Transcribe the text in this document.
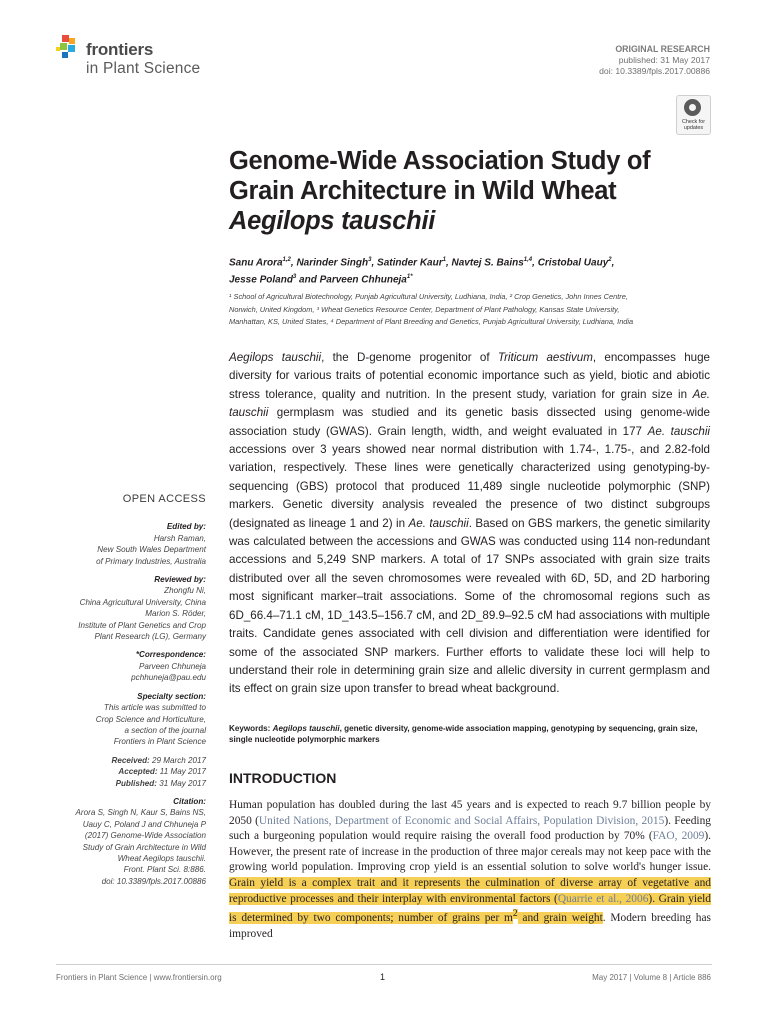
frontiers
in Plant Science
ORIGINAL RESEARCH
published: 31 May 2017
doi: 10.3389/fpls.2017.00886
Check for
updates
Genome-Wide Association Study of
Grain Architecture in Wild Wheat
Aegilops tauschii
Sanu Arora$^{1,2}$, Narinder Singh$^3$, Satinder Kaur$^1$, Navtej S. Bains$^{1,4}$, Cristobal Uauy$^2$,
Jesse Poland$^3$ and Parveen Chhuneja$^{1*}$
¹ School of Agricultural Biotechnology, Punjab Agricultural University, Ludhiana, India, ² Crop Genetics, John Innes Centre,
Norwich, United Kingdom, ³ Wheat Genetics Resource Center, Department of Plant Pathology, Kansas State University,
Manhattan, KS, United States, ⁴ Department of Plant Breeding and Genetics, Punjab Agricultural University, Ludhiana, India
Aegilops tauschii, the D-genome progenitor of Triticum aestivum, encompasses huge diversity for various traits of potential economic importance such as yield, biotic and abiotic stress tolerance, quality and nutrition. In the present study, variation for grain size in Ae. tauschii germplasm was studied and its genetic basis dissected using genome-wide association study (GWAS). Grain length, width, and weight evaluated in 177 Ae. tauschii accessions over 3 years showed near normal distribution with 1.74-, 1.75-, and 2.82-fold variation, respectively. These lines were genetically characterized using genotyping-by-sequencing (GBS) protocol that produced 11,489 single nucleotide polymorphic (SNP) markers. Genetic diversity analysis revealed the presence of two distinct subgroups (designated as lineage 1 and 2) in Ae. tauschii. Based on GBS markers, the genetic similarity was calculated between the accessions and GWAS was conducted using 114 non-redundant accessions and 5,249 SNP markers. A total of 17 SNPs associated with grain size traits distributed over all the seven chromosomes were revealed with 6D, 5D, and 2D harboring most significant marker–trait associations. Some of the chromosomal regions such as 6D_66.4–71.1 cM, 1D_143.5–156.7 cM, and 2D_89.9–92.5 cM had associations with multiple traits. Candidate genes associated with cell division and differentiation were identified for some of the associated SNP markers. Further efforts to validate these loci will help to understand their role in determining grain size and allelic diversity in current germplasm and its effect on grain size upon transfer to bread wheat background.
Keywords: Aegilops tauschii, genetic diversity, genome-wide association mapping, genotyping by sequencing, grain size, single nucleotide polymorphic markers
INTRODUCTION
Human population has doubled during the last 45 years and is expected to reach 9.7 billion people by 2050 (United Nations, Department of Economic and Social Affairs, Population Division, 2015). Feeding such a burgeoning population would require raising the overall food production by 70% (FAO, 2009). However, the present rate of increase in the production of three major cereals may not keep pace with the growing world population. Improving crop yield is an essential solution to solve world's hunger issue. Grain yield is a complex trait and it represents the culmination of diverse array of vegetative and reproductive processes and their interplay with environmental factors (Quarrie et al., 2006). Grain yield is determined by two components; number of grains per $m^2$ and grain weight. Modern breeding has improved
OPEN ACCESS
Edited by:
Harsh Raman,
New South Wales Department
of Primary Industries, Australia
Reviewed by:
Zhongfu Ni,
China Agricultural University, China
Marion S. Röder,
Institute of Plant Genetics and Crop
Plant Research (LG), Germany
*Correspondence:
Parveen Chhuneja
pchhuneja@pau.edu
Specialty section:
This article was submitted to
Crop Science and Horticulture,
a section of the journal
Frontiers in Plant Science
Received: 29 March 2017
Accepted: 11 May 2017
Published: 31 May 2017
Citation:
Arora S, Singh N, Kaur S, Bains NS,
Uauy C, Poland J and Chhuneja P
(2017) Genome-Wide Association
Study of Grain Architecture in Wild
Wheat Aegilops tauschii.
Front. Plant Sci. 8:886.
doi: 10.3389/fpls.2017.00886
Frontiers in Plant Science | www.frontiersin.org	1	May 2017 | Volume 8 | Article 886
